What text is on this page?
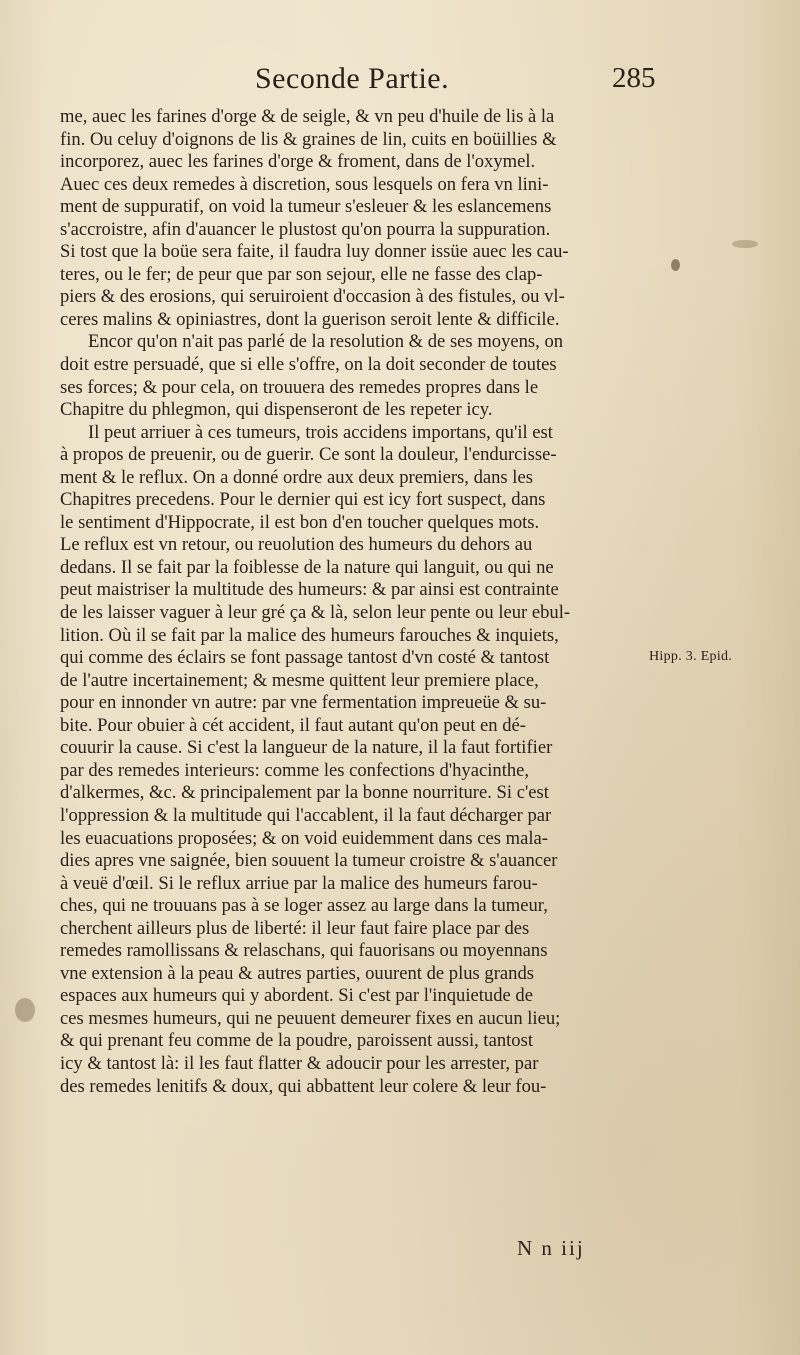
Seconde Partie.	285
me, auec les farines d'orge & de seigle, & vn peu d'huile de lis à la
fin. Ou celuy d'oignons de lis & graines de lin, cuits en boüillies &
incorporez, auec les farines d'orge & froment, dans de l'oxymel.
Auec ces deux remedes à discretion, sous lesquels on fera vn lini-
ment de suppuratif, on void la tumeur s'esleuer & les eslancemens
s'accroistre, afin d'auancer le plustost qu'on pourra la suppuration.
Si tost que la boüe sera faite, il faudra luy donner issüe auec les cau-
teres, ou le fer; de peur que par son sejour, elle ne fasse des clap-
piers & des erosions, qui seruiroient d'occasion à des fistules, ou vl-
ceres malins & opiniastres, dont la guerison seroit lente & difficile.
Encor qu'on n'ait pas parlé de la resolution & de ses moyens, on
doit estre persuadé, que si elle s'offre, on la doit seconder de toutes
ses forces; & pour cela, on trouuera des remedes propres dans le
Chapitre du phlegmon, qui dispenseront de les repeter icy.
Il peut arriuer à ces tumeurs, trois accidens importans, qu'il est
à propos de preuenir, ou de guerir. Ce sont la douleur, l'endurcisse-
ment & le reflux. On a donné ordre aux deux premiers, dans les
Chapitres precedens. Pour le dernier qui est icy fort suspect, dans
le sentiment d'Hippocrate, il est bon d'en toucher quelques mots.
Le reflux est vn retour, ou reuolution des humeurs du dehors au
dedans. Il se fait par la foiblesse de la nature qui languit, ou qui ne
peut maistriser la multitude des humeurs: & par ainsi est contrainte
de les laisser vaguer à leur gré ça & là, selon leur pente ou leur ebul-
lition. Où il se fait par la malice des humeurs farouches & inquiets,
qui comme des éclairs se font passage tantost d'vn costé & tantost
de l'autre incertainement; & mesme quittent leur premiere place,
pour en innonder vn autre: par vne fermentation impreueüe & su-
bite. Pour obuier à cét accident, il faut autant qu'on peut en dé-
couurir la cause. Si c'est la langueur de la nature, il la faut fortifier
par des remedes interieurs: comme les confections d'hyacinthe,
d'alkermes, &c. & principalement par la bonne nourriture. Si c'est
l'oppression & la multitude qui l'accablent, il la faut décharger par
les euacuations proposées; & on void euidemment dans ces mala-
dies apres vne saignée, bien souuent la tumeur croistre & s'auancer
à veuë d'œil. Si le reflux arriue par la malice des humeurs farou-
ches, qui ne trouuans pas à se loger assez au large dans la tumeur,
cherchent ailleurs plus de liberté: il leur faut faire place par des
remedes ramollissans & relaschans, qui fauorisans ou moyennans
vne extension à la peau & autres parties, ouurent de plus grands
espaces aux humeurs qui y abordent. Si c'est par l'inquietude de
ces mesmes humeurs, qui ne peuuent demeurer fixes en aucun lieu;
& qui prenant feu comme de la poudre, paroissent aussi, tantost
icy & tantost là: il les faut flatter & adoucir pour les arrester, par
des remedes lenitifs & doux, qui abbattent leur colere & leur fou-
Hipp. 3. Epid.
N n iij
